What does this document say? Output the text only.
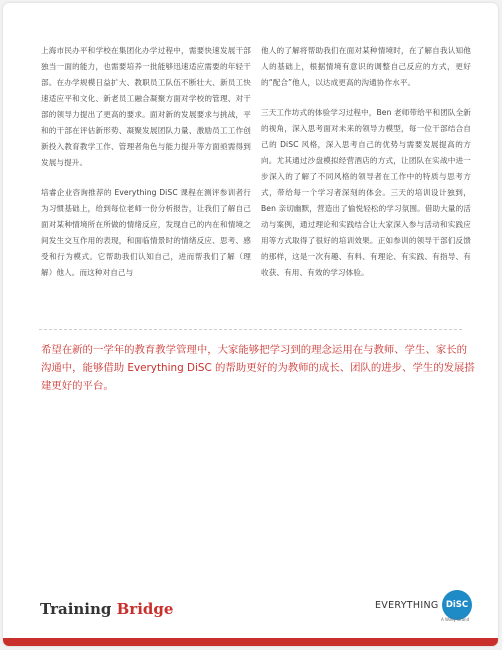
上海市民办平和学校在集团化办学过程中，需要快速发展干部独当一面的能力，也需要培养一批能够迅速适应需要的年轻干部。在办学规模日益扩大、教职员工队伍不断壮大、新员工快速适应平和文化、新老员工融合凝聚方面对学校的管理、对干部的领导力提出了更高的要求。面对新的发展要求与挑战，平和的干部在评估新形势、凝聚发展团队力量、激励员工工作创新投入教育教学工作、管理者角色与能力提升等方面亟需得到发展与提升。

培睿企业咨询推荐的 Everything DiSC 课程在测评参训者行为习惯基础上，给到每位老师一份分析报告，让我们了解自己面对某种情境所在所做的情绪反应，发现自己的内在和情境之间发生交互作用的表现，和面临情景时的情绪反应、思考、感受和行为模式。它帮助我们认知自己，进而帮我们了解（理解）他人。而这种对自己与

他人的了解将帮助我们在面对某种情境时，在了解自我认知他人的基础上，根据情境有意识的调整自己反应的方式，更好的“配合”他人，以达成更高的沟通协作水平。

三天工作坊式的体验学习过程中，Ben 老师带给平和团队全新的视角，深入思考面对未来的领导力模型，每一位干部结合自己的 DiSC 风格，深入思考自己的优势与需要发展提高的方向。尤其通过沙盘模拟经营酒店的方式，让团队在实战中进一步深入的了解了不同风格的领导者在工作中的特质与思考方式，带给每一个学习者深刻的体会。三天的培训设计独到，Ben 亲切幽默，营造出了愉悦轻松的学习氛围。借助大量的活动与案例，通过理论和实践结合让大家深入参与活动和实践应用等方式取得了很好的培训效果。正如参训的领导干部们反馈的那样，这是一次有趣、有料、有理论、有实践、有指导、有收获、有用、有效的学习体验。

希望在新的一学年的教育教学管理中，大家能够把学习到的理念运用在与教师、学生、家长的沟通中，能够借助 Everything DiSC 的帮助更好的为教师的成长、团队的进步、学生的发展搭建更好的平台。

Training Bridge	EVERYTHING DiSC
A Wiley Brand
